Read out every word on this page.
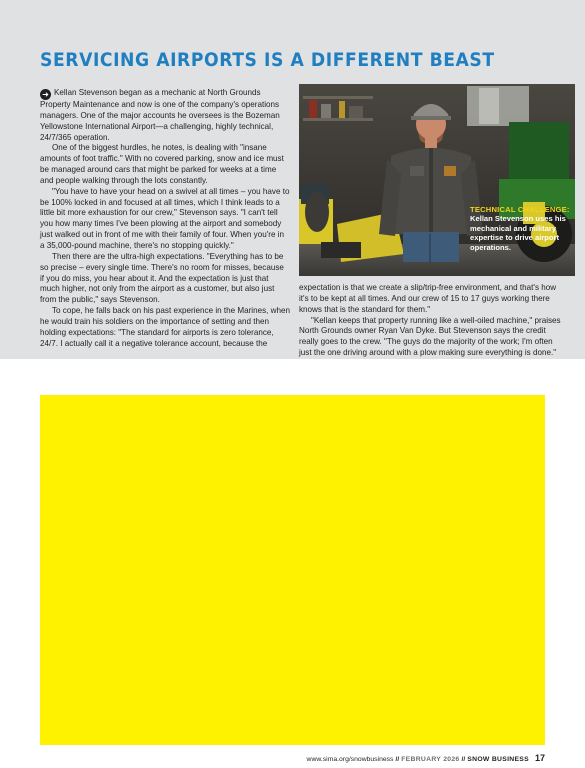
SERVICING AIRPORTS IS A DIFFERENT BEAST

➜ Kellan Stevenson began as a mechanic at North Grounds Property Maintenance and now is one of the company's operations managers. One of the major accounts he oversees is the Bozeman Yellowstone International Airport—a challenging, highly technical, 24/7/365 operation.

One of the biggest hurdles, he notes, is dealing with "insane amounts of foot traffic." With no covered parking, snow and ice must be managed around cars that might be parked for weeks at a time and people walking through the lots constantly.

"You have to have your head on a swivel at all times – you have to be 100% locked in and focused at all times, which I think leads to a little bit more exhaustion for our crew," Stevenson says. "I can't tell you how many times I've been plowing at the airport and somebody just walked out in front of me with their family of four. When you're in a 35,000-pound machine, there's no stopping quickly."

Then there are the ultra-high expectations. "Everything has to be so precise – every single time. There's no room for misses, because if you do miss, you hear about it. And the expectation is just that much higher, not only from the airport as a customer, but also just from the public," says Stevenson.

To cope, he falls back on his past experience in the Marines, when he would train his soldiers on the importance of setting and then holding expectations: "The standard for airports is zero tolerance, 24/7. I actually call it a negative tolerance account, because the

TECHNICAL CHALLENGE:
Kellan Stevenson uses his mechanical and military expertise to drive airport operations.

expectation is that we create a slip/trip-free environment, and that's how it's to be kept at all times. And our crew of 15 to 17 guys working there knows that is the standard for them."

"Kellan keeps that property running like a well-oiled machine," praises North Grounds owner Ryan Van Dyke. But Stevenson says the credit really goes to the crew. "The guys do the majority of the work; I'm often just the one driving around with a plow making sure everything is done."

www.sima.org/snowbusiness // FEBRUARY 2026 // SNOW BUSINESS 17
